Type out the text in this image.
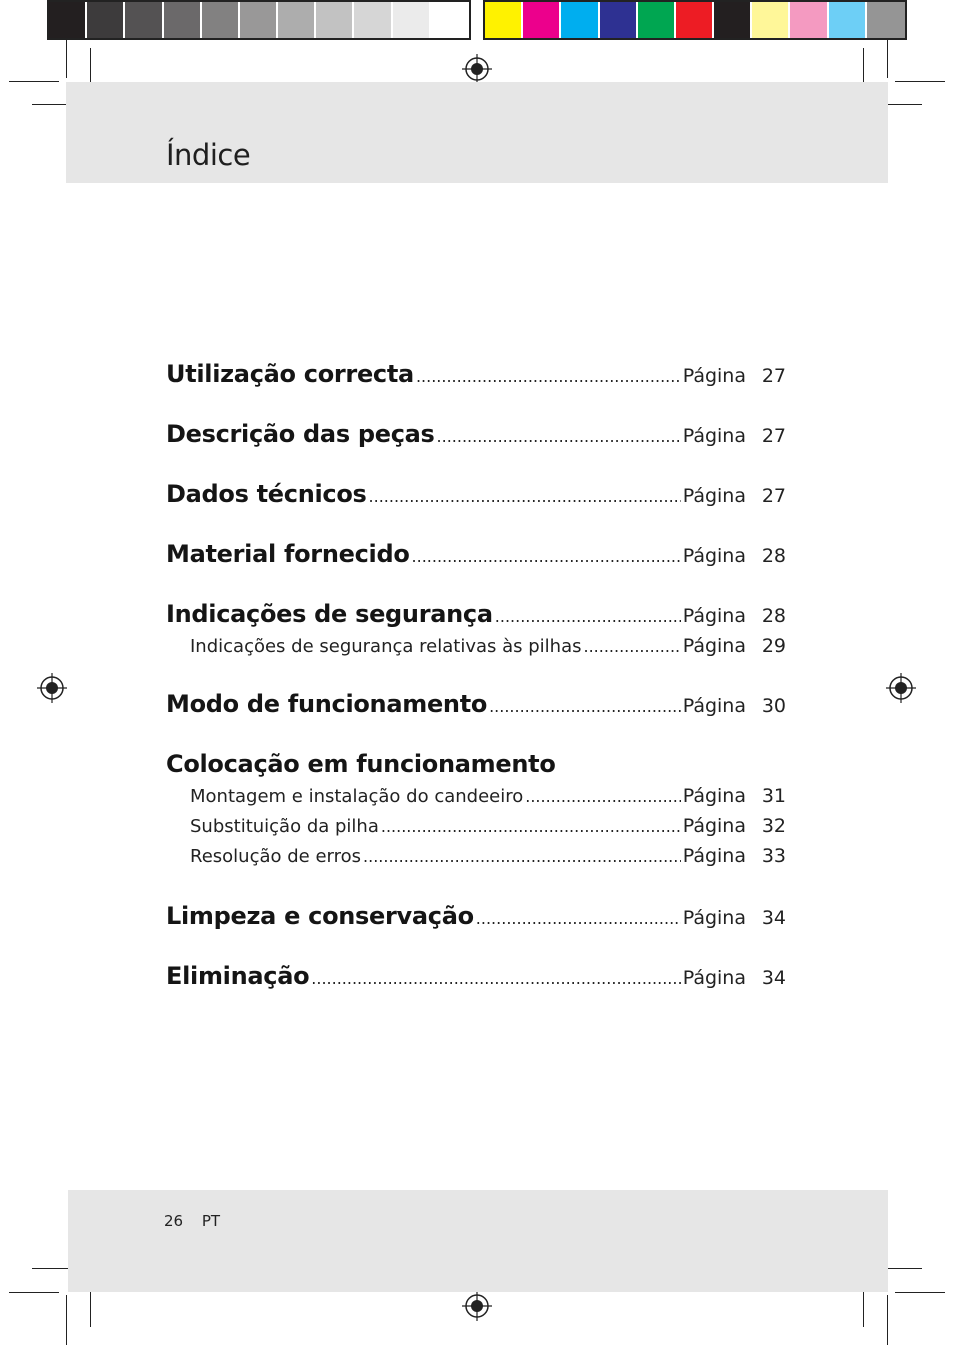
Índice
Utilização correcta .....	Página 27
Descrição das peças .....	Página 27
Dados técnicos .....	Página 27
Material fornecido .....	Página 28
Indicações de segurança .....	Página 28
Indicações de segurança relativas às pilhas .....	Página 29
Modo de funcionamento .....	Página 30
Colocação em funcionamento
Montagem e instalação do candeeiro .....	Página 31
Substituição da pilha .....	Página 32
Resolução de erros .....	Página 33
Limpeza e conservação .....	Página 34
Eliminação .....	Página 34
26 PT
